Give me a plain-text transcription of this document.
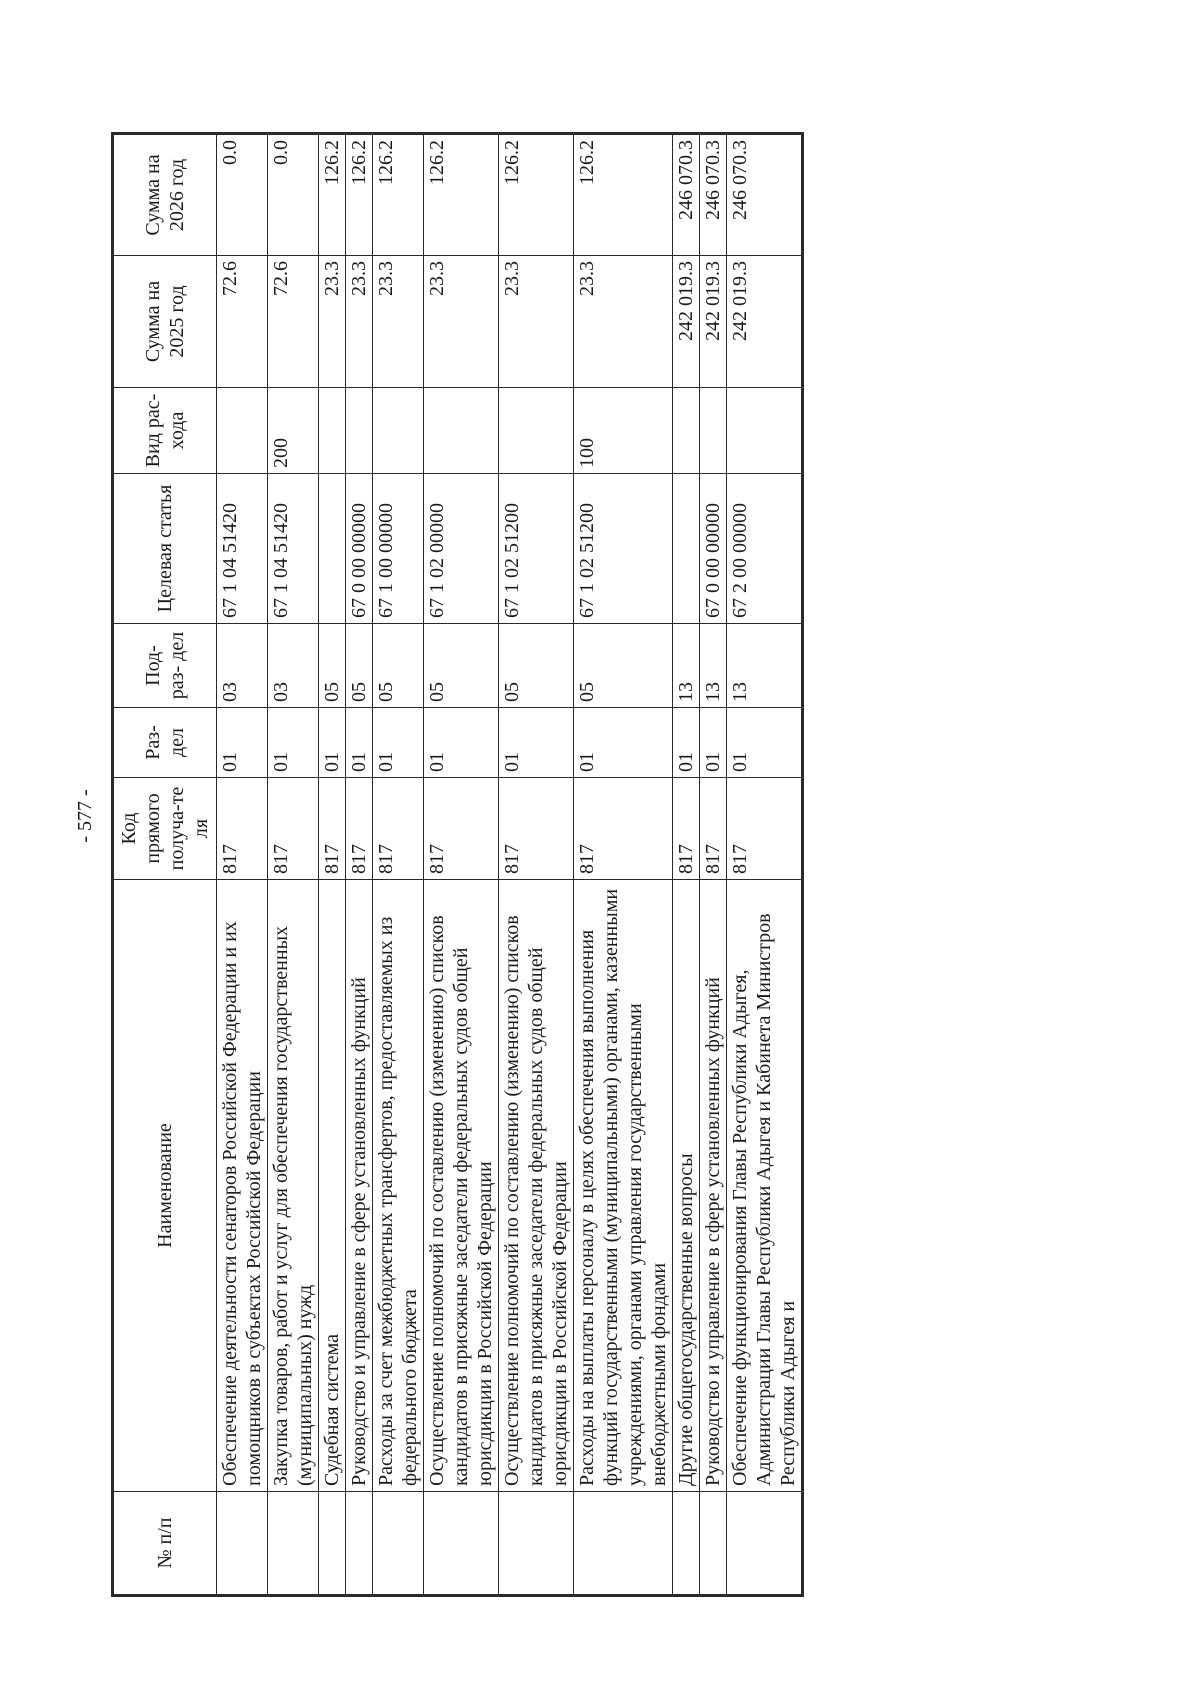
- 577 -
№ п/п	Наименование	Код прямого получа-те ля	Раз- дел	Под- раз- дел	Целевая статья	Вид рас- хода	Сумма на 2025 год	Сумма на 2026 год
	Обеспечение деятельности сенаторов Российской Федерации и их помощников в субъектах Российской Федерации	817	01	03	67 1 04 51420		72.6	0.0
	Закупка товаров, работ и услуг для обеспечения государственных (муниципальных) нужд	817	01	03	67 1 04 51420	200	72.6	0.0
	Судебная система	817	01	05			23.3	126.2
	Руководство и управление в сфере установленных функций	817	01	05	67 0 00 00000		23.3	126.2
	Расходы за счет межбюджетных трансфертов, предоставляемых из федерального бюджета	817	01	05	67 1 00 00000		23.3	126.2
	Осуществление полномочий по составлению (изменению) списков кандидатов в присяжные заседатели федеральных судов общей юрисдикции в Российской Федерации	817	01	05	67 1 02 00000		23.3	126.2
	Осуществление полномочий по составлению (изменению) списков кандидатов в присяжные заседатели федеральных судов общей юрисдикции в Российской Федерации	817	01	05	67 1 02 51200		23.3	126.2
	Расходы на выплаты персоналу в целях обеспечения выполнения функций государственными (муниципальными) органами, казенными учреждениями, органами управления государственными внебюджетными фондами	817	01	05	67 1 02 51200	100	23.3	126.2
	Другие общегосударственные вопросы	817	01	13			242 019.3	246 070.3
	Руководство и управление в сфере установленных функций	817	01	13	67 0 00 00000		242 019.3	246 070.3
	Обеспечение функционирования Главы Республики Адыгея, Администрации Главы Республики Адыгея и Кабинета Министров Республики Адыгея и	817	01	13	67 2 00 00000		242 019.3	246 070.3
